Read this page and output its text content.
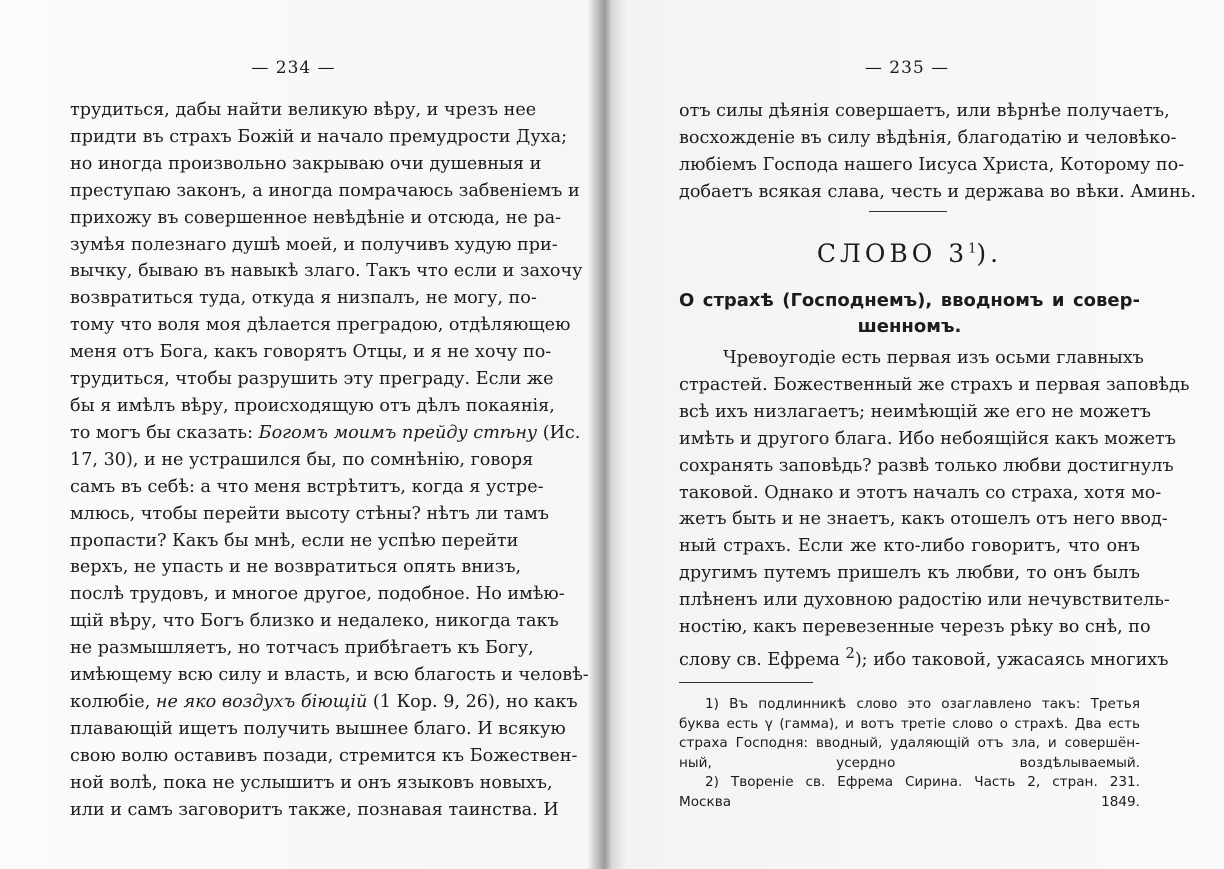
— 234 —
трудиться, дабы найти великую вѣру, и чрезъ нее
придти въ страхъ Божій и начало премудрости Духа;
но иногда произвольно закрываю очи душевныя и
преступаю законъ, а иногда помрачаюсь забвеніемъ и
прихожу въ совершенное невѣдѣніе и отсюда, не ра-
зумѣя полезнаго душѣ моей, и получивъ худую при-
вычку, бываю въ навыкѣ злаго. Такъ что если и захочу
возвратиться туда, откуда я низпалъ, не могу, по-
тому что воля моя дѣлается преградою, отдѣляющею
меня отъ Бога, какъ говорятъ Отцы, и я не хочу по-
трудиться, чтобы разрушить эту преграду. Если же
бы я имѣлъ вѣру, происходящую отъ дѣлъ покаянія,
то могъ бы сказать: Богомъ моимъ прейду стѣну (Ис.
17, 30), и не устрашился бы, по сомнѣнію, говоря
самъ въ себѣ: а что меня встрѣтитъ, когда я устре-
млюсь, чтобы перейти высоту стѣны? нѣтъ ли тамъ
пропасти? Какъ бы мнѣ, если не успѣю перейти
верхъ, не упасть и не возвратиться опять внизъ,
послѣ трудовъ, и многое другое, подобное. Но имѣю-
щій вѣру, что Богъ близко и недалеко, никогда такъ
не размышляетъ, но тотчасъ прибѣгаетъ къ Богу,
имѣющему всю силу и власть, и всю благость и человѣ-
колюбіе, не яко воздухъ біющій (1 Кор. 9, 26), но какъ
плавающій ищетъ получить вышнее благо. И всякую
свою волю оставивъ позади, стремится къ Божествен-
ной волѣ, пока не услышитъ и онъ языковъ новыхъ,
или и самъ заговоритъ также, познавая таинства. И
— 235 —
отъ силы дѣянія совершаетъ, или вѣрнѣе получаетъ,
восхожденіе въ силу вѣдѣнія, благодатію и человѣко-
любіемъ Господа нашего Іисуса Христа, Которому по-
добаетъ всякая слава, честь и держава во вѣки. Аминь.
СЛОВО $3^1$).
О страхѣ (Господнемъ), вводномъ и совер-
шенномъ.
Чревоугодіе есть первая изъ осьми главныхъ
страстей. Божественный же страхъ и первая заповѣдь
всѣ ихъ низлагаетъ; неимѣющій же его не можетъ
имѣть и другого блага. Ибо небоящійся какъ можетъ
сохранять заповѣдь? развѣ только любви достигнулъ
таковой. Однако и этотъ началъ со страха, хотя мо-
жетъ быть и не знаетъ, какъ отошелъ отъ него ввод-
ный страхъ. Если же кто-либо говоритъ, что онъ
другимъ путемъ пришелъ къ любви, то онъ былъ
плѣненъ или духовною радостію или нечувствитель-
ностію, какъ перевезенные черезъ рѣку во снѣ, по
слову св. Ефрема $^2$); ибо таковой, ужасаясь многихъ
1) Въ подлинникѣ слово это озаглавлено такъ: Третья
буква есть γ (гамма), и вотъ третіе слово о страхѣ. Два есть
страха Господня: вводный, удаляющій отъ зла, и совершён-
ный, усердно воздѣлываемый.
2) Твореніе св. Ефрема Сирина. Часть 2, стран. 231.
Москва 1849.
